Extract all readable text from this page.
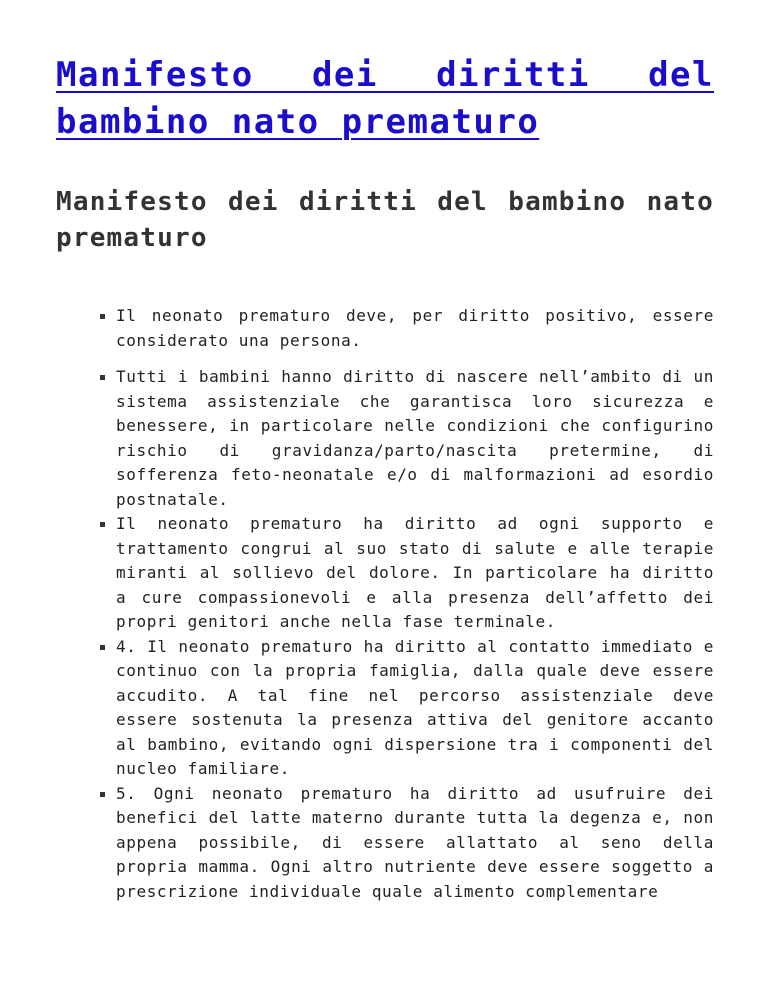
Manifesto dei diritti del bambino nato prematuro
Manifesto dei diritti del bambino nato prematuro
Il neonato prematuro deve, per diritto positivo, essere considerato una persona.
Tutti i bambini hanno diritto di nascere nell’ambito di un sistema assistenziale che garantisca loro sicurezza e benessere, in particolare nelle condizioni che configurino rischio di gravidanza/parto/nascita pretermine, di sofferenza feto-neonatale e/o di malformazioni ad esordio postnatale.
Il neonato prematuro ha diritto ad ogni supporto e trattamento congrui al suo stato di salute e alle terapie miranti al sollievo del dolore. In particolare ha diritto a cure compassionevoli e alla presenza dell’affetto dei propri genitori anche nella fase terminale.
4. Il neonato prematuro ha diritto al contatto immediato e continuo con la propria famiglia, dalla quale deve essere accudito. A tal fine nel percorso assistenziale deve essere sostenuta la presenza attiva del genitore accanto al bambino, evitando ogni dispersione tra i componenti del nucleo familiare.
5. Ogni neonato prematuro ha diritto ad usufruire dei benefici del latte materno durante tutta la degenza e, non appena possibile, di essere allattato al seno della propria mamma. Ogni altro nutriente deve essere soggetto a prescrizione individuale quale alimento complementare
